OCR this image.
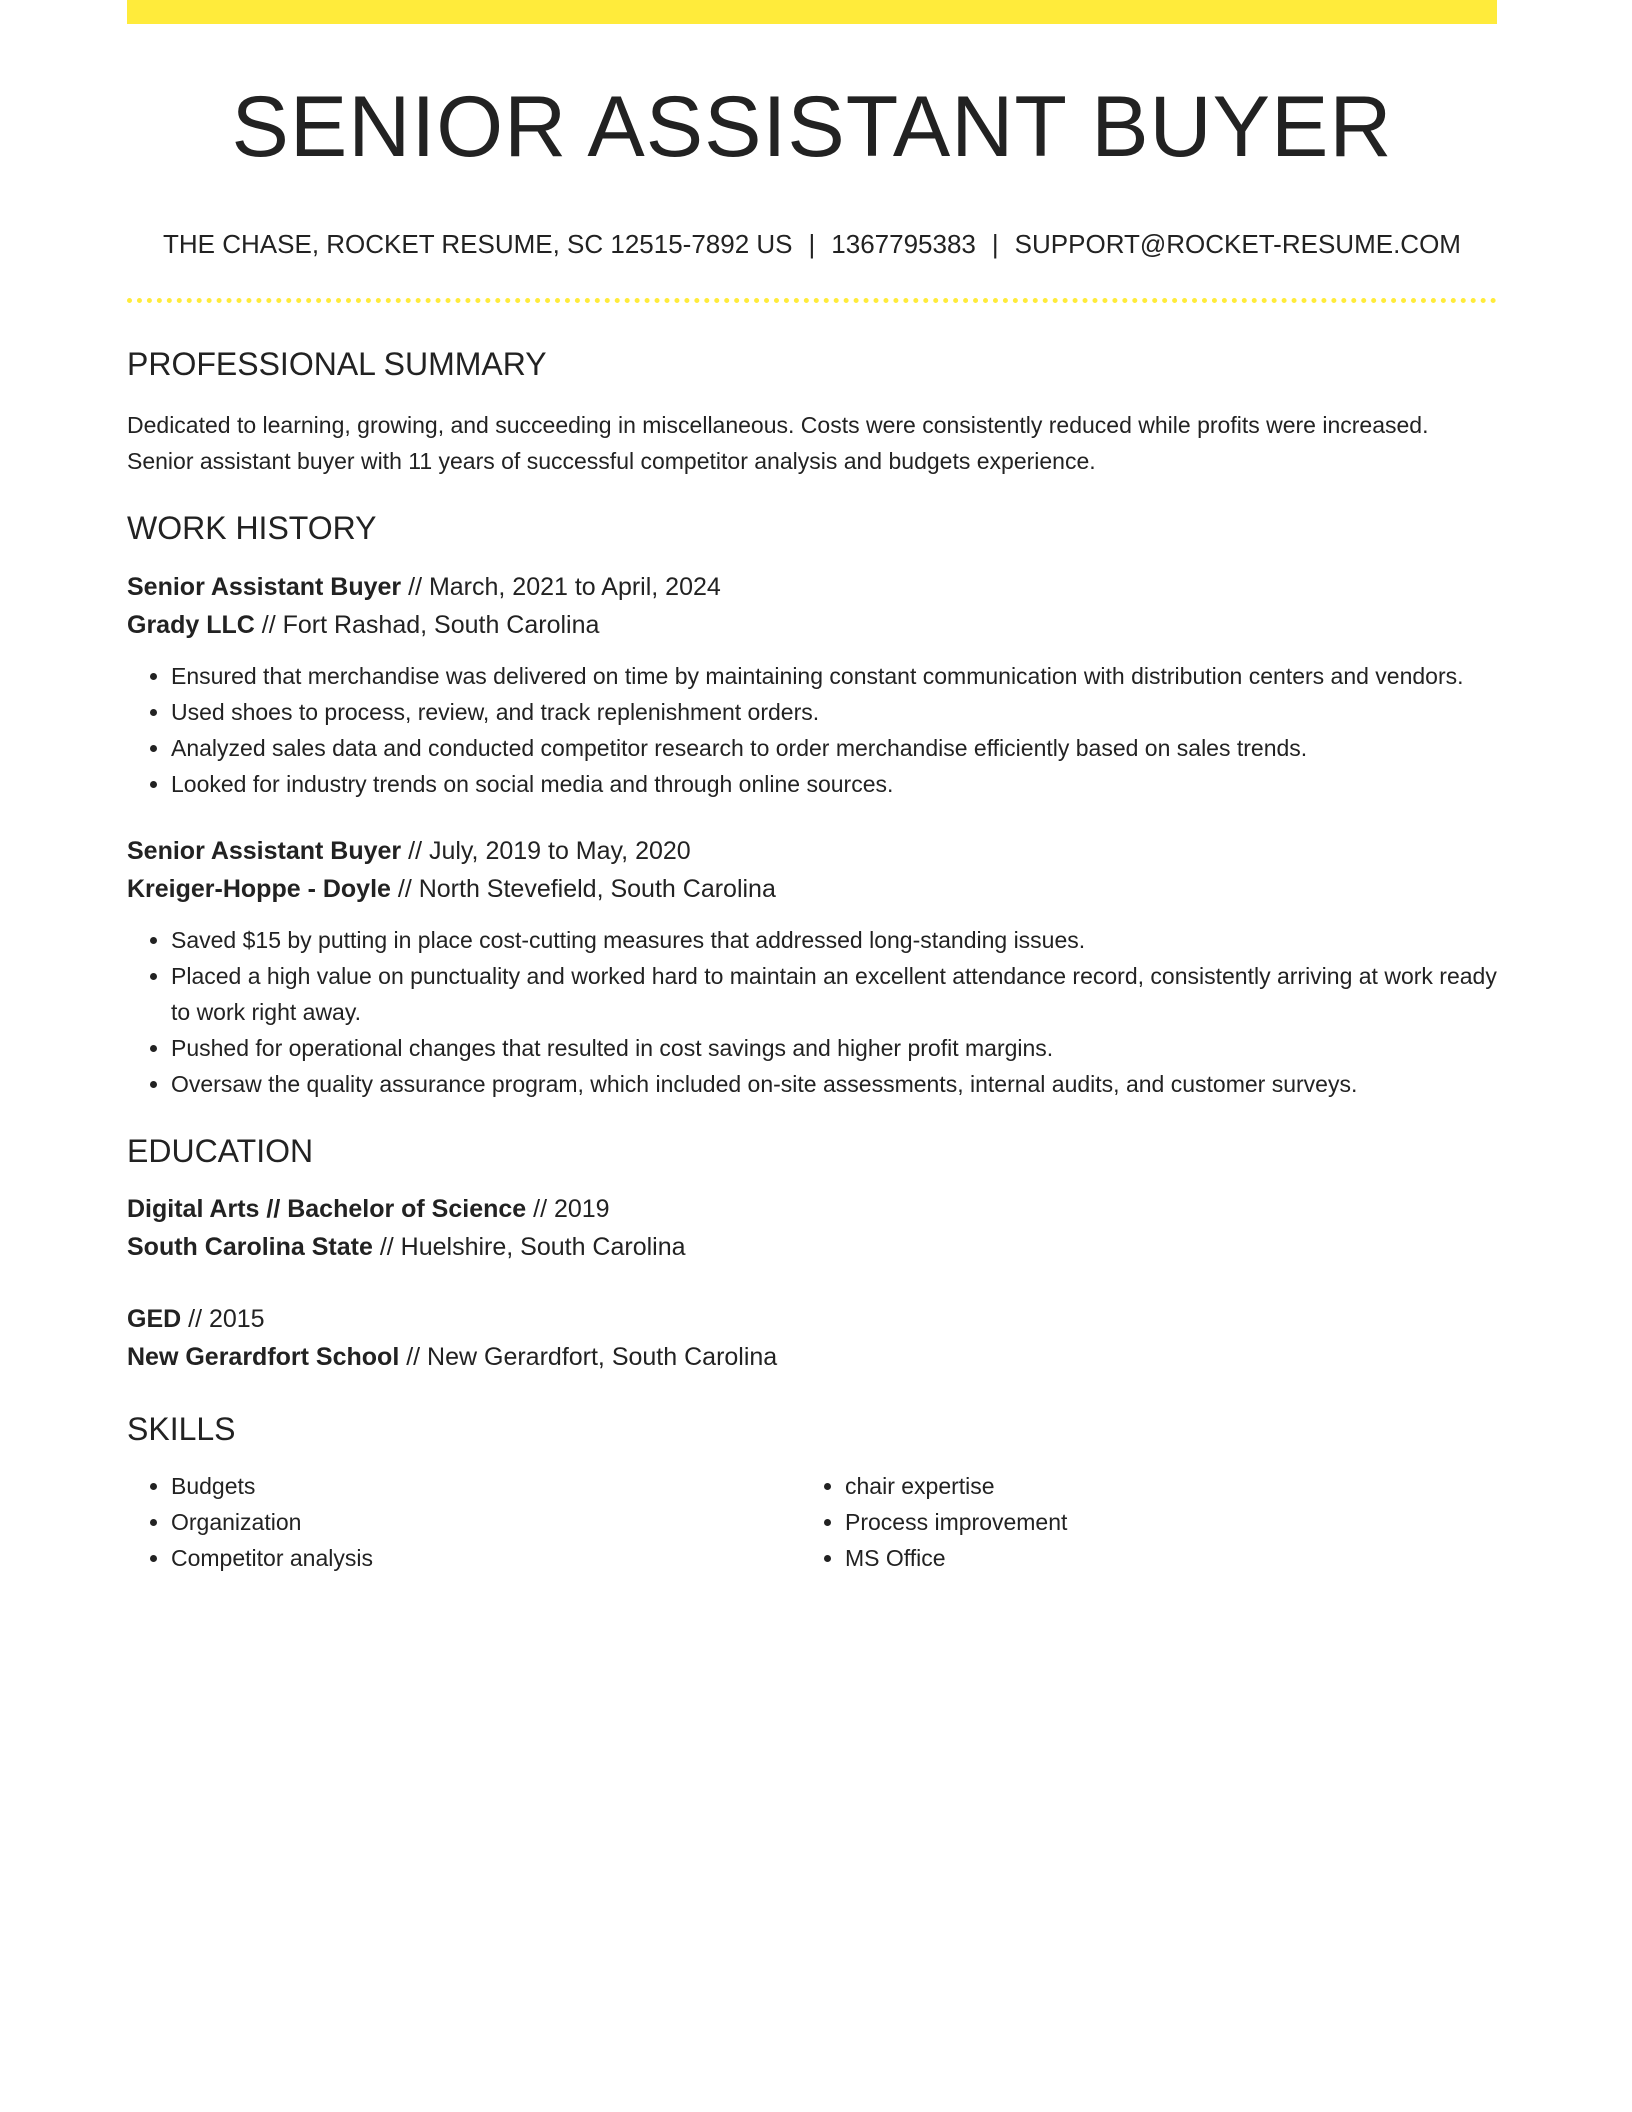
SENIOR ASSISTANT BUYER
THE CHASE, ROCKET RESUME, SC 12515-7892 US | 1367795383 | SUPPORT@ROCKET-RESUME.COM
PROFESSIONAL SUMMARY

Dedicated to learning, growing, and succeeding in miscellaneous. Costs were consistently reduced while profits were increased. Senior assistant buyer with 11 years of successful competitor analysis and budgets experience.

WORK HISTORY
Senior Assistant Buyer // March, 2021 to April, 2024
Grady LLC // Fort Rashad, South Carolina
• Ensured that merchandise was delivered on time by maintaining constant communication with distribution centers and vendors.
• Used shoes to process, review, and track replenishment orders.
• Analyzed sales data and conducted competitor research to order merchandise efficiently based on sales trends.
• Looked for industry trends on social media and through online sources.
Senior Assistant Buyer // July, 2019 to May, 2020
Kreiger-Hoppe - Doyle // North Stevefield, South Carolina
• Saved $15 by putting in place cost-cutting measures that addressed long-standing issues.
• Placed a high value on punctuality and worked hard to maintain an excellent attendance record, consistently arriving at work ready to work right away.
• Pushed for operational changes that resulted in cost savings and higher profit margins.
• Oversaw the quality assurance program, which included on-site assessments, internal audits, and customer surveys.
EDUCATION
Digital Arts // Bachelor of Science // 2019
South Carolina State // Huelshire, South Carolina
GED // 2015
New Gerardfort School // New Gerardfort, South Carolina
SKILLS
• Budgets
• Organization
• Competitor analysis
• chair expertise
• Process improvement
• MS Office
